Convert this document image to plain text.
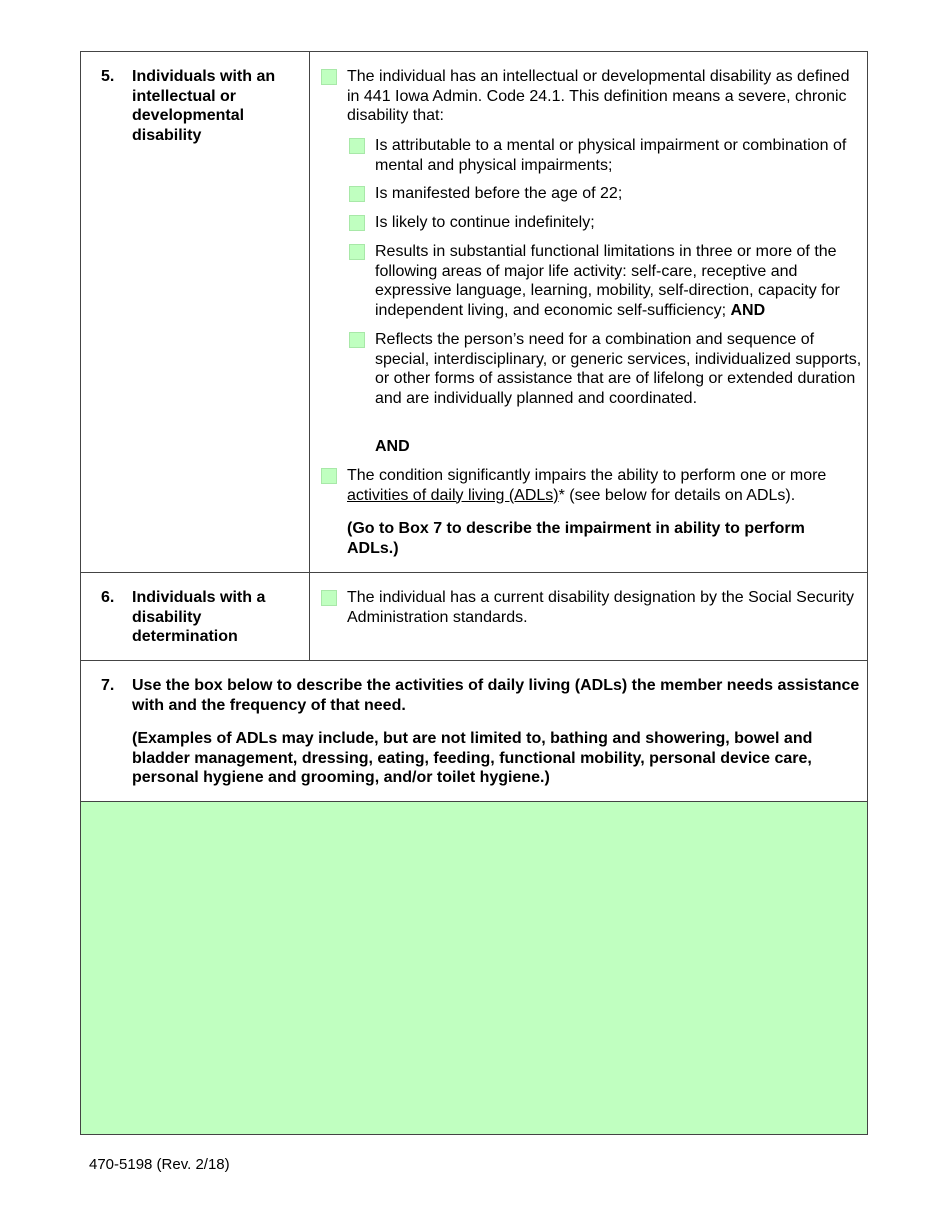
5. Individuals with an intellectual or developmental disability
The individual has an intellectual or developmental disability as defined in 441 Iowa Admin. Code 24.1. This definition means a severe, chronic disability that:
Is attributable to a mental or physical impairment or combination of mental and physical impairments;
Is manifested before the age of 22;
Is likely to continue indefinitely;
Results in substantial functional limitations in three or more of the following areas of major life activity: self-care, receptive and expressive language, learning, mobility, self-direction, capacity for independent living, and economic self-sufficiency; AND
Reflects the person’s need for a combination and sequence of special, interdisciplinary, or generic services, individualized supports, or other forms of assistance that are of lifelong or extended duration and are individually planned and coordinated.
AND
The condition significantly impairs the ability to perform one or more activities of daily living (ADLs)* (see below for details on ADLs).
(Go to Box 7 to describe the impairment in ability to perform ADLs.)
6. Individuals with a disability determination
The individual has a current disability designation by the Social Security Administration standards.
7. Use the box below to describe the activities of daily living (ADLs) the member needs assistance with and the frequency of that need.
(Examples of ADLs may include, but are not limited to, bathing and showering, bowel and bladder management, dressing, eating, feeding, functional mobility, personal device care, personal hygiene and grooming, and/or toilet hygiene.)
470-5198 (Rev. 2/18)
